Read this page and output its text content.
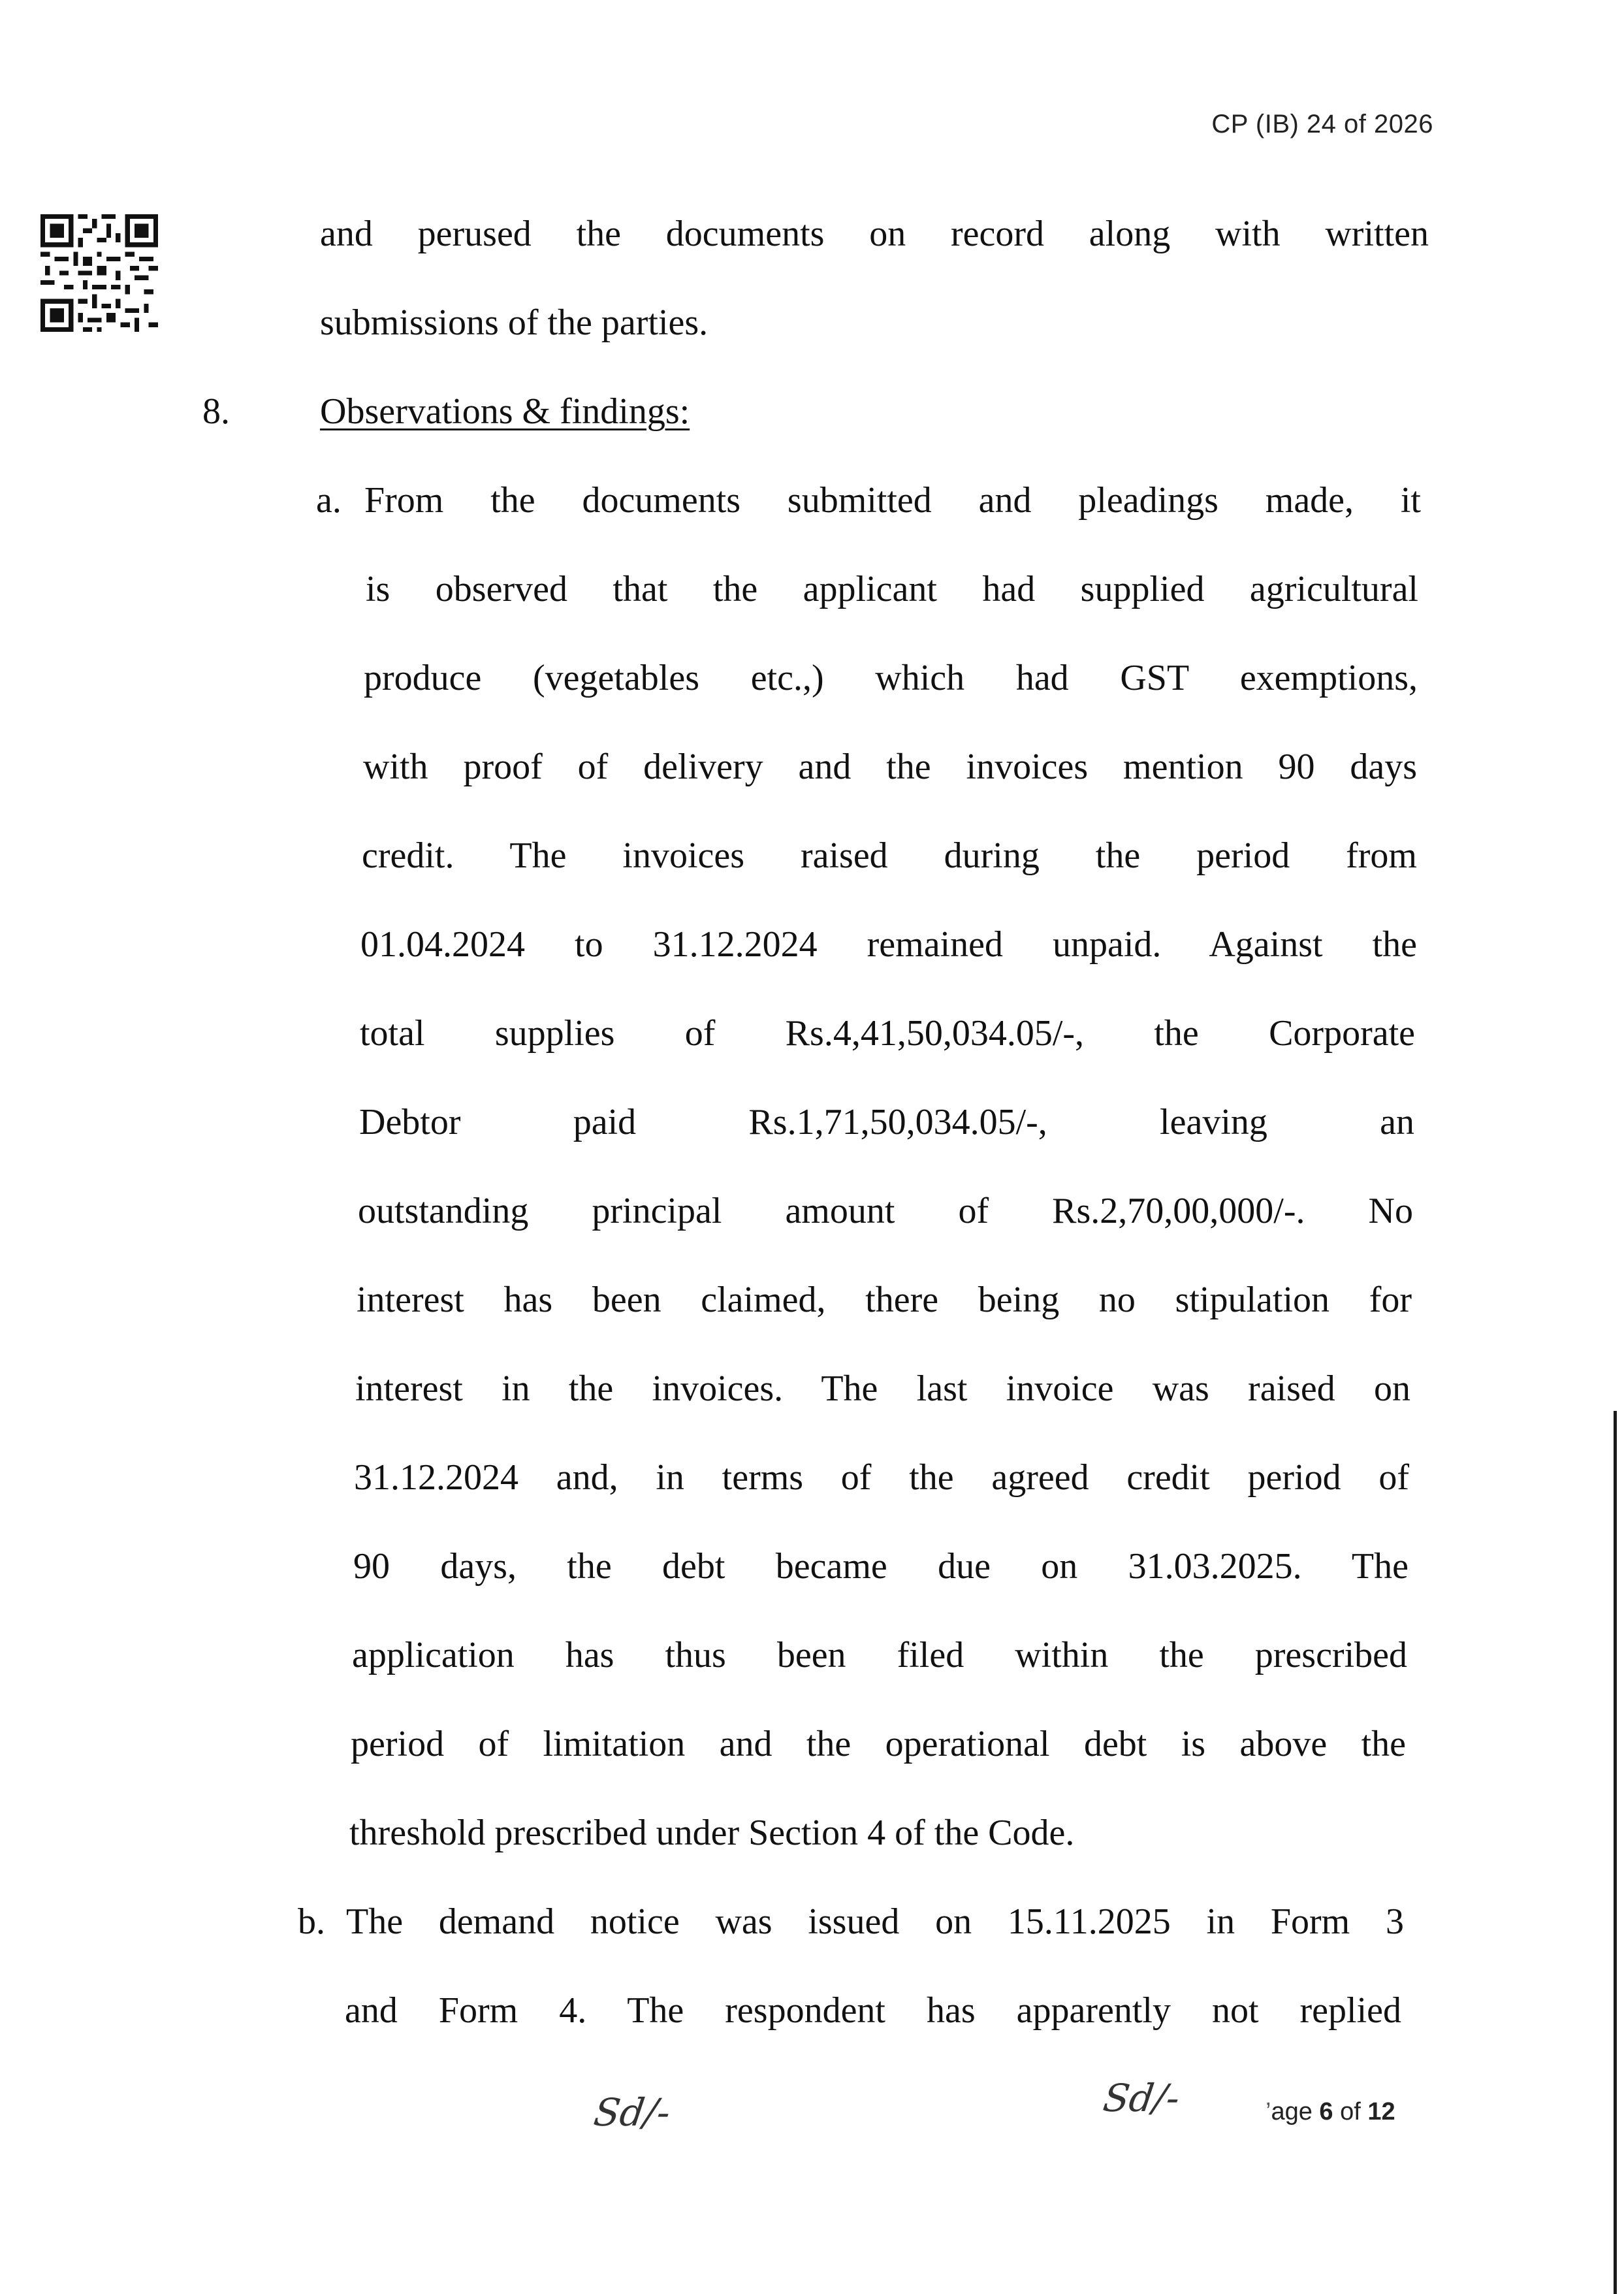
CP (IB) 24 of 2026
and perused the documents on record along with written
submissions of the parties.
8. Observations & findings:
a. From the documents submitted and pleadings made, it
is observed that the applicant had supplied agricultural
produce (vegetables etc.,) which had GST exemptions,
with proof of delivery and the invoices mention 90 days
credit. The invoices raised during the period from
01.04.2024 to 31.12.2024 remained unpaid. Against the
total supplies of Rs.4,41,50,034.05/-, the Corporate
Debtor paid Rs.1,71,50,034.05/-, leaving an
outstanding principal amount of Rs.2,70,00,000/-. No
interest has been claimed, there being no stipulation for
interest in the invoices. The last invoice was raised on
31.12.2024 and, in terms of the agreed credit period of
90 days, the debt became due on 31.03.2025. The
application has thus been filed within the prescribed
period of limitation and the operational debt is above the
threshold prescribed under Section 4 of the Code.
b. The demand notice was issued on 15.11.2025 in Form 3
and Form 4. The respondent has apparently not replied
Sd/-	Sd/-	’age 6 of 12
